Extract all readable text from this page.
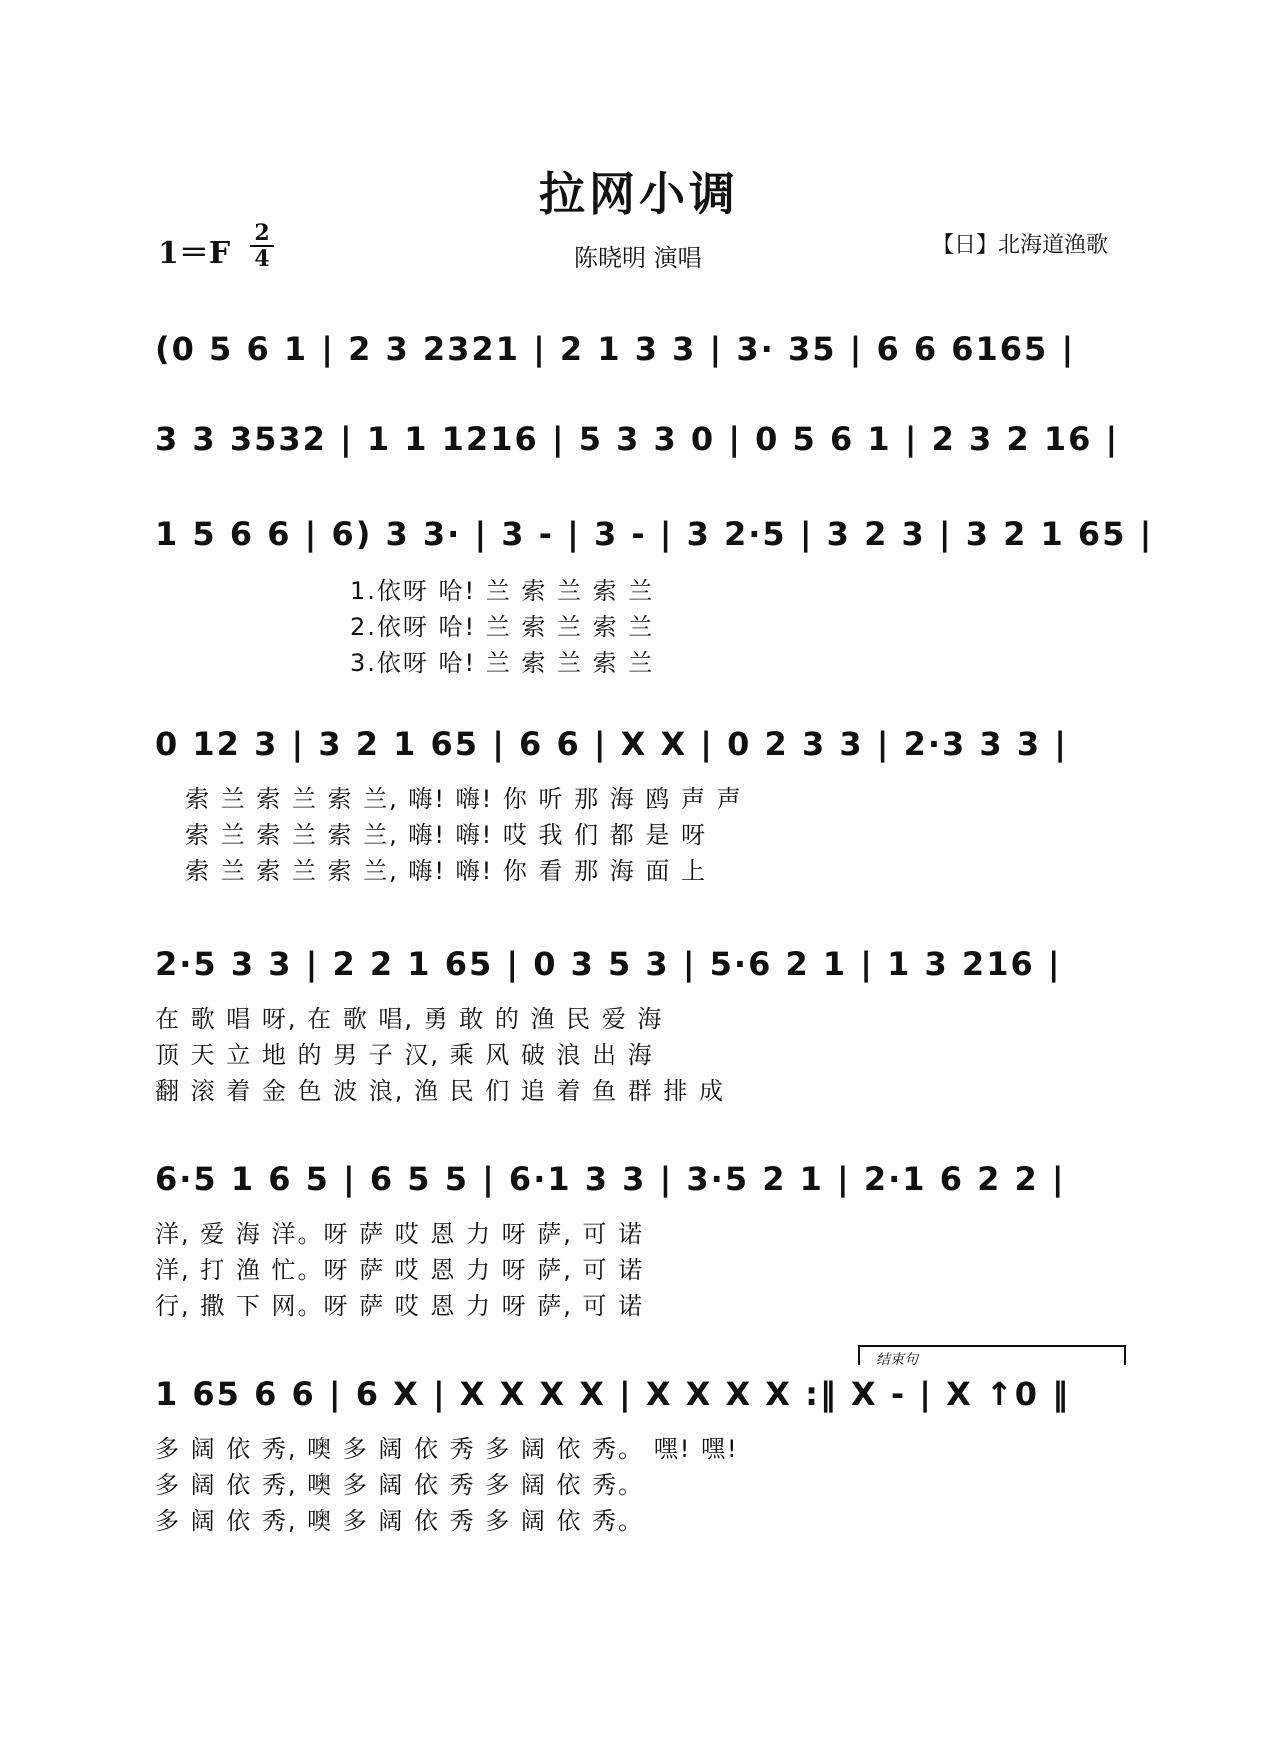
拉网小调
1＝F
2
4	陈晓明 演唱	【日】北海道渔歌
(0 5 6 1 | 2 3 2321 | 2 1 3 3 | 3· 35 | 6 6 6165 |
3 3 3532 | 1 1 1216 | 5 3 3 0 | 0 5 6 1 | 2 3 2 16 |
1 5 6 6 | 6) 3 3· | 3 - | 3 - | 3 2·5 | 3 2 3 | 3 2 1 65 |
1.依呀 哈! 兰 索 兰 索 兰
2.依呀 哈! 兰 索 兰 索 兰
3.依呀 哈! 兰 索 兰 索 兰
0 12 3 | 3 2 1 65 | 6 6 | X X | 0 2 3 3 | 2·3 3 3 |
索 兰 索 兰 索 兰, 嗨! 嗨! 你 听 那 海 鸥 声 声
索 兰 索 兰 索 兰, 嗨! 嗨! 哎 我 们 都 是 呀
索 兰 索 兰 索 兰, 嗨! 嗨! 你 看 那 海 面 上
2·5 3 3 | 2 2 1 65 | 0 3 5 3 | 5·6 2 1 | 1 3 216 |
在 歌 唱 呀, 在 歌 唱, 勇 敢 的 渔 民 爱 海
顶 天 立 地 的 男 子 汉, 乘 风 破 浪 出 海
翻 滚 着 金 色 波 浪, 渔 民 们 追 着 鱼 群 排 成
6·5 1 6 5 | 6 5 5 | 6·1 3 3 | 3·5 2 1 | 2·1 6 2 2 |
洋, 爱 海 洋。呀 萨 哎 恩 力 呀 萨, 可 诺
洋, 打 渔 忙。呀 萨 哎 恩 力 呀 萨, 可 诺
行, 撒 下 网。呀 萨 哎 恩 力 呀 萨, 可 诺
结束句
1 65 6 6 | 6 X | X X X X | X X X X :‖ X - | X ↑0 ‖
多 阔 依 秀, 噢 多 阔 依 秀 多 阔 依 秀。 嘿! 嘿!
多 阔 依 秀, 噢 多 阔 依 秀 多 阔 依 秀。
多 阔 依 秀, 噢 多 阔 依 秀 多 阔 依 秀。
